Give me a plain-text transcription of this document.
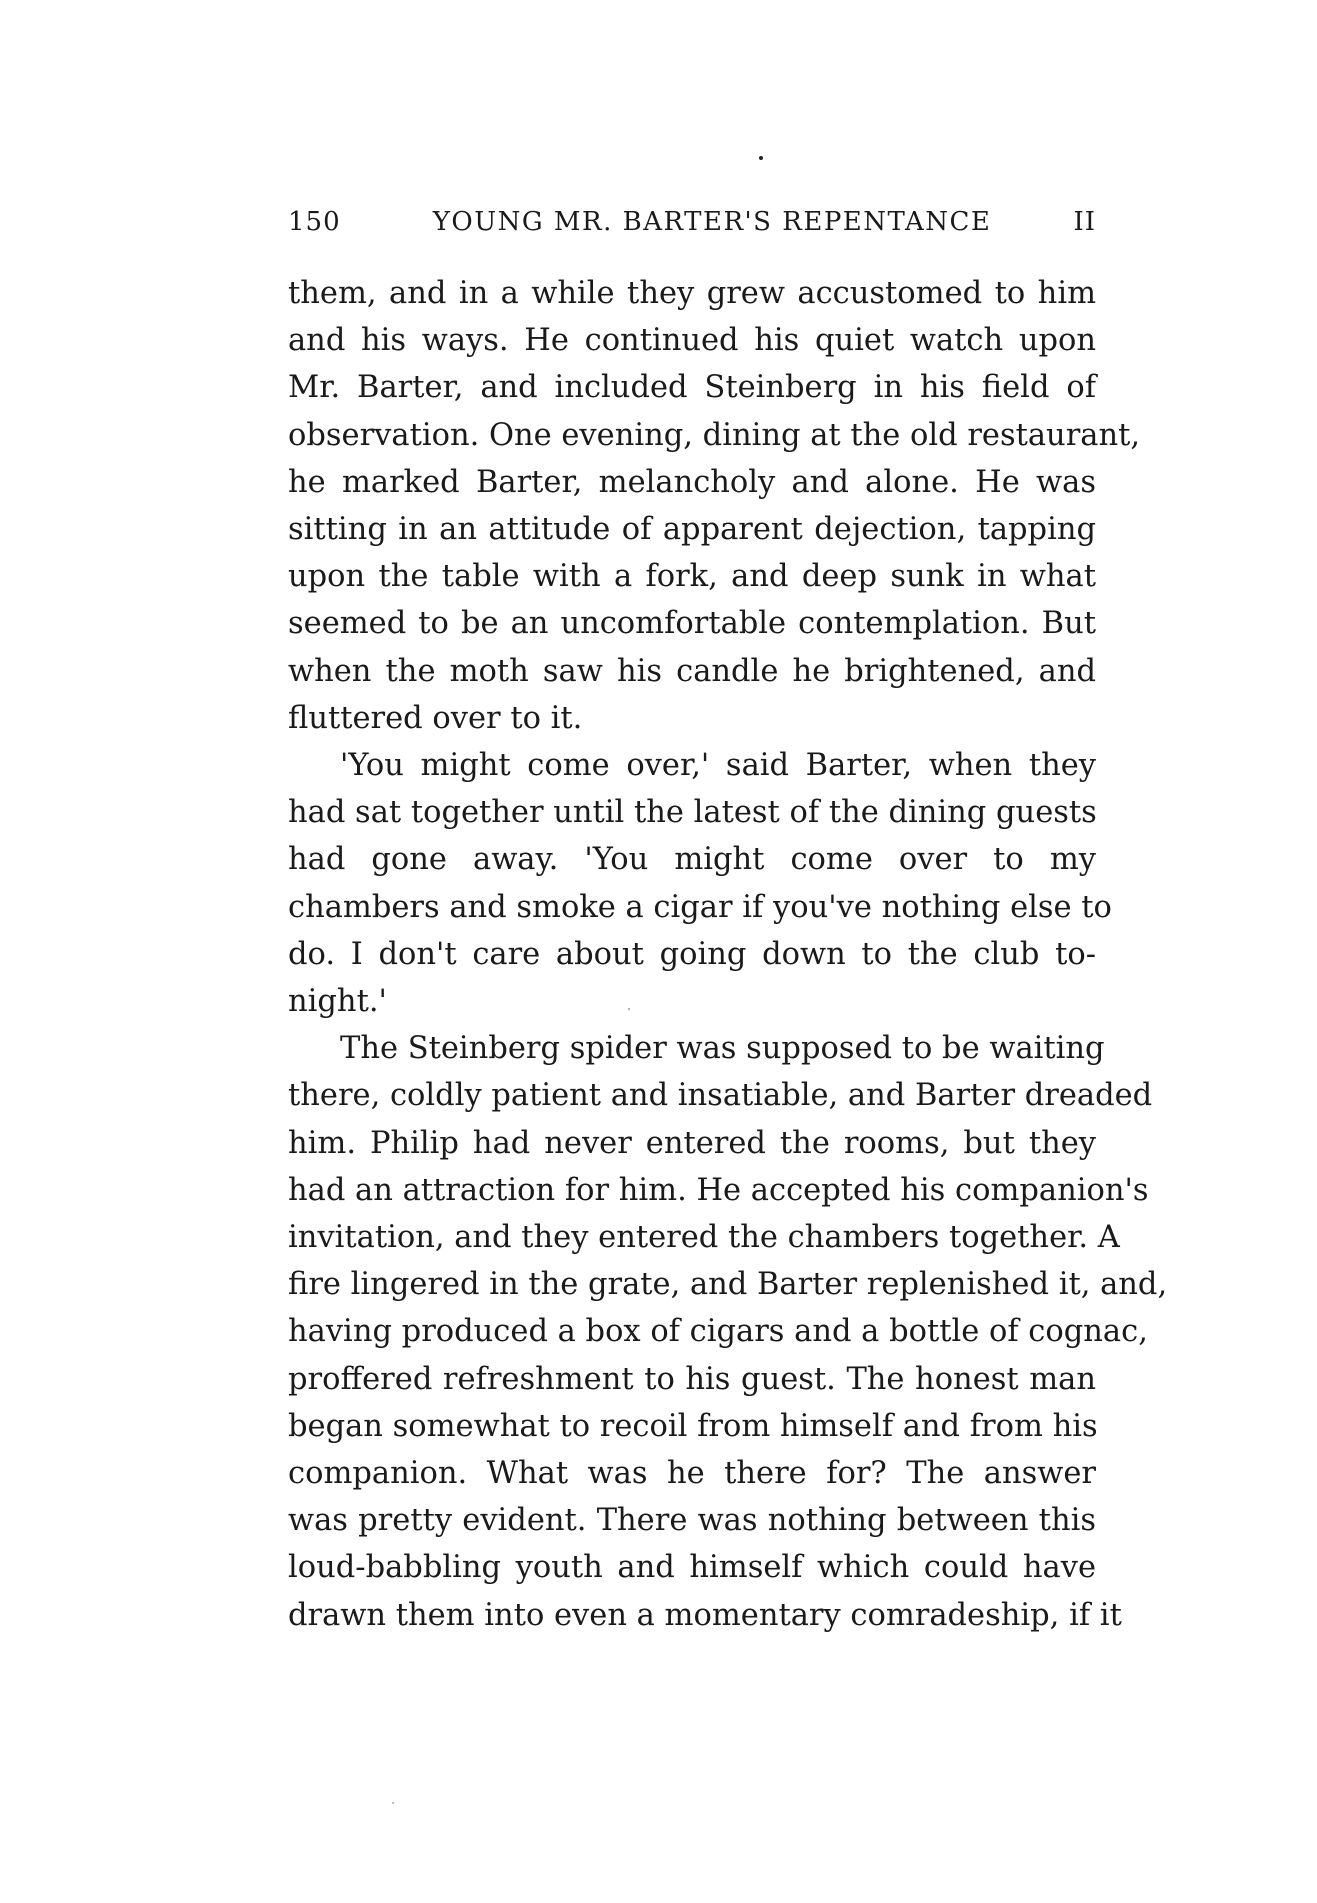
150	YOUNG MR. BARTER'S REPENTANCE	II

them, and in a while they grew accustomed to him
and his ways. He continued his quiet watch upon
Mr. Barter, and included Steinberg in his field of
observation. One evening, dining at the old restaurant,
he marked Barter, melancholy and alone. He was
sitting in an attitude of apparent dejection, tapping
upon the table with a fork, and deep sunk in what
seemed to be an uncomfortable contemplation. But
when the moth saw his candle he brightened, and
fluttered over to it.

'You might come over,' said Barter, when they
had sat together until the latest of the dining guests
had gone away. 'You might come over to my
chambers and smoke a cigar if you've nothing else to
do. I don't care about going down to the club to-
night.'

The Steinberg spider was supposed to be waiting
there, coldly patient and insatiable, and Barter dreaded
him. Philip had never entered the rooms, but they
had an attraction for him. He accepted his companion's
invitation, and they entered the chambers together. A
fire lingered in the grate, and Barter replenished it, and,
having produced a box of cigars and a bottle of cognac,
proffered refreshment to his guest. The honest man
began somewhat to recoil from himself and from his
companion. What was he there for? The answer
was pretty evident. There was nothing between this
loud-babbling youth and himself which could have
drawn them into even a momentary comradeship, if it
